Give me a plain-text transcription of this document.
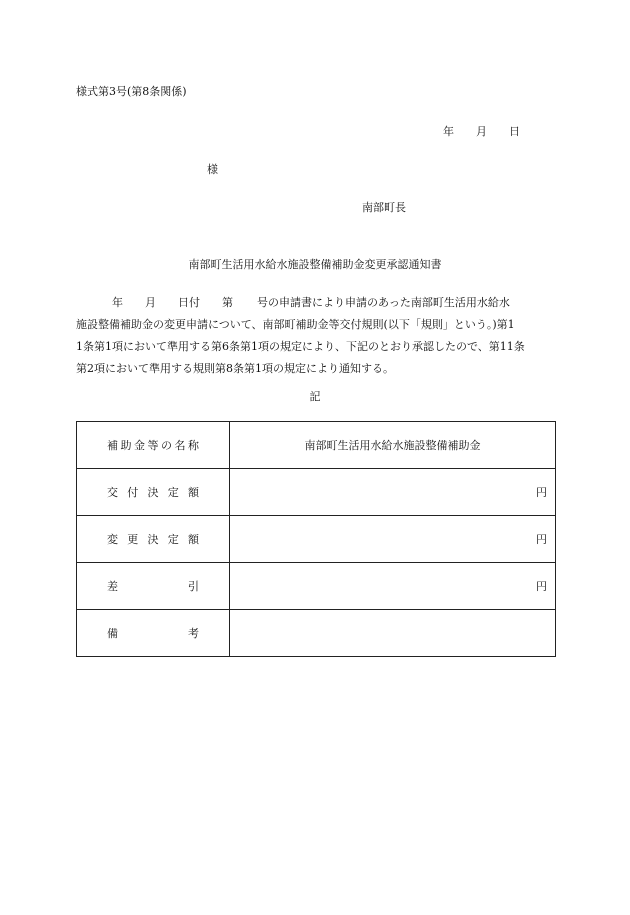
様式第3号(第8条関係)
年 月 日
様
南部町長
南部町生活用水給水施設整備補助金変更承認通知書
年 月 日付 第 号の申請書により申請のあった南部町生活用水給水
施設整備補助金の変更申請について、南部町補助金等交付規則(以下「規則」という。)第1
1条第1項において準用する第6条第1項の規定により、下記のとおり承認したので、第11条
第2項において準用する規則第8条第1項の規定により通知する。
記
補助金等の名称	南部町生活用水給水施設整備補助金
交付決定額	円
変更決定額	円
差引	円
備考	
